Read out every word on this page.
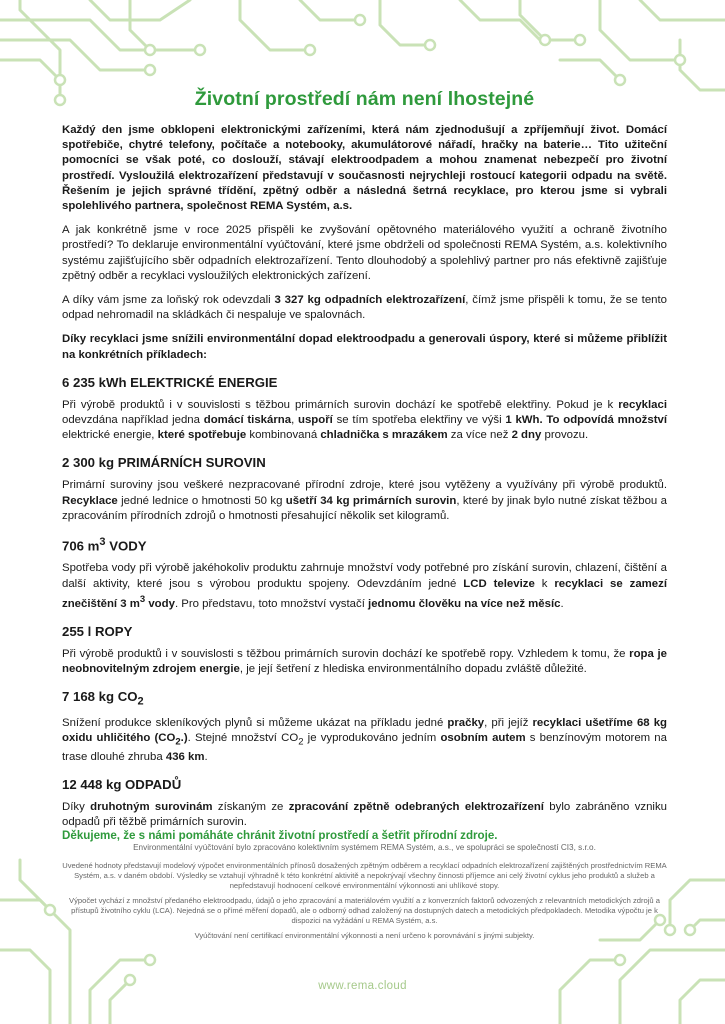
Životní prostředí nám není lhostejné

Každý den jsme obklopeni elektronickými zařízeními, která nám zjednodušují a zpříjemňují život. Domácí spotřebiče, chytré telefony, počítače a notebooky, akumulátorové nářadí, hračky na baterie… Tito užiteční pomocníci se však poté, co doslouží, stávají elektroodpadem a mohou znamenat nebezpečí pro životní prostředí. Vysloužilá elektrozařízení představují v současnosti nejrychleji rostoucí kategorii odpadu na světě. Řešením je jejich správné třídění, zpětný odběr a následná šetrná recyklace, pro kterou jsme si vybrali spolehlivého partnera, společnost REMA Systém, a.s.

A jak konkrétně jsme v roce 2025 přispěli ke zvyšování opětovného materiálového využití a ochraně životního prostředí? To deklaruje environmentální vyúčtování, které jsme obdrželi od společnosti REMA Systém, a.s. kolektivního systému zajišťujícího sběr odpadních elektrozařízení. Tento dlouhodobý a spolehlivý partner pro nás efektivně zajišťuje zpětný odběr a recyklaci vysloužilých elektronických zařízení.

A díky vám jsme za loňský rok odevzdali 3 327 kg odpadních elektrozařízení, čímž jsme přispěli k tomu, že se tento odpad nehromadil na skládkách či nespaluje ve spalovnách.

Díky recyklaci jsme snížili environmentální dopad elektroodpadu a generovali úspory, které si můžeme přiblížit na konkrétních příkladech:

6 235 kWh ELEKTRICKÉ ENERGIE

Při výrobě produktů i v souvislosti s těžbou primárních surovin dochází ke spotřebě elektřiny. Pokud je k recyklaci odevzdána například jedna domácí tiskárna, uspoří se tím spotřeba elektřiny ve výši 1 kWh. To odpovídá množství elektrické energie, které spotřebuje kombinovaná chladnička s mrazákem za více než 2 dny provozu.

2 300 kg PRIMÁRNÍCH SUROVIN

Primární suroviny jsou veškeré nezpracované přírodní zdroje, které jsou vytěženy a využívány při výrobě produktů. Recyklace jedné lednice o hmotnosti 50 kg ušetří 34 kg primárních surovin, které by jinak bylo nutné získat těžbou a zpracováním přírodních zdrojů o hmotnosti přesahující několik set kilogramů.

706 $m^3$ VODY

Spotřeba vody při výrobě jakéhokoliv produktu zahrnuje množství vody potřebné pro získání surovin, chlazení, čištění a další aktivity, které jsou s výrobou produktu spojeny. Odevzdáním jedné LCD televize k recyklaci se zamezí znečištění 3 $m^3$ vody. Pro představu, toto množství vystačí jednomu člověku na více než měsíc.

255 l ROPY

Při výrobě produktů i v souvislosti s těžbou primárních surovin dochází ke spotřebě ropy. Vzhledem k tomu, že ropa je neobnovitelným zdrojem energie, je její šetření z hlediska environmentálního dopadu zvláště důležité.

7 168 kg $CO_2$

Snížení produkce skleníkových plynů si můžeme ukázat na příkladu jedné pračky, při jejíž recyklaci ušetříme 68 kg oxidu uhličitého $(CO_2.)$. Stejné množství $CO_2$ je vyprodukováno jedním osobním autem s benzínovým motorem na trase dlouhé zhruba 436 km.

12 448 kg ODPADŮ

Díky druhotným surovinám získaným ze zpracování zpětně odebraných elektrozařízení bylo zabráněno vzniku odpadů při těžbě primárních surovin.

Děkujeme, že s námi pomáháte chránit životní prostředí a šetřit přírodní zdroje.

Environmentální vyúčtování bylo zpracováno kolektivním systémem REMA Systém, a.s., ve spolupráci se společností CI3, s.r.o.

Uvedené hodnoty představují modelový výpočet environmentálních přínosů dosažených zpětným odběrem a recyklací odpadních elektrozařízení zajištěných prostřednictvím REMA Systém, a.s. v daném období. Výsledky se vztahují výhradně k této konkrétní aktivitě a nepokrývají všechny činnosti příjemce ani celý životní cyklus jeho produktů a služeb a nepředstavují hodnocení celkové environmentální výkonnosti ani uhlíkové stopy.

Výpočet vychází z množství předaného elektroodpadu, údajů o jeho zpracování a materiálovém využití a z konverzních faktorů odvozených z relevantních metodických zdrojů a přístupů životního cyklu (LCA). Nejedná se o přímé měření dopadů, ale o odborný odhad založený na dostupných datech a metodických předpokladech. Metodika výpočtu je k dispozici na vyžádání u REMA Systém, a.s.

Vyúčtování není certifikací environmentální výkonnosti a není určeno k porovnávání s jinými subjekty.

www.rema.cloud
